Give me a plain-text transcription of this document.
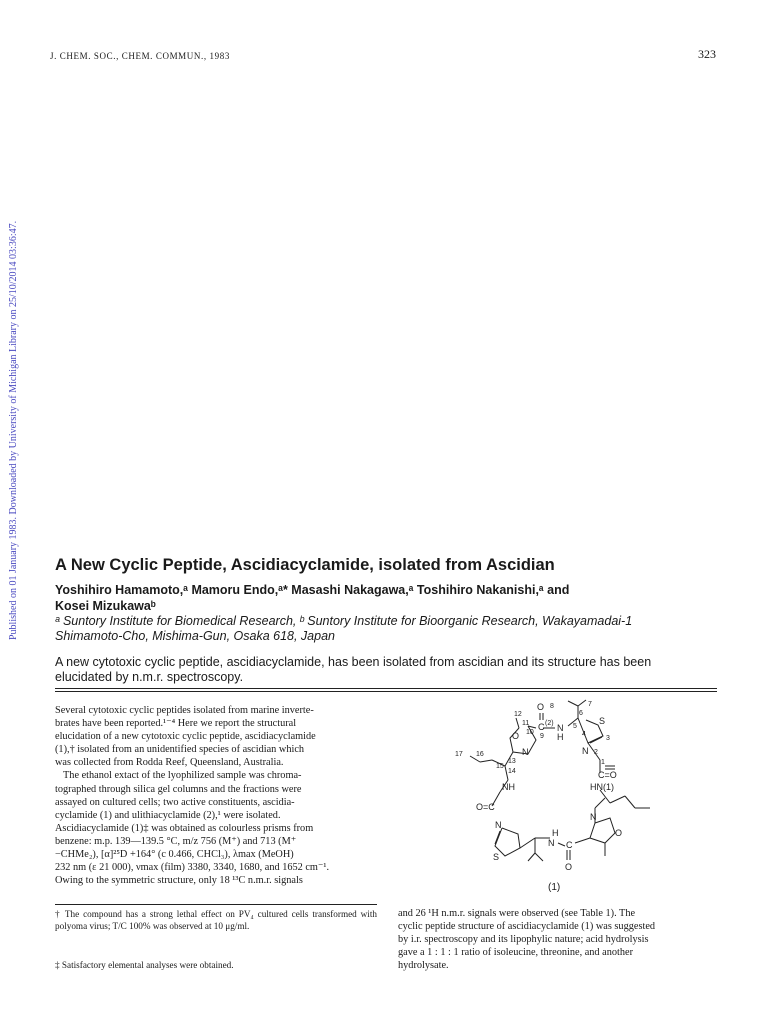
J. CHEM. SOC., CHEM. COMMUN., 1983	323
Published on 01 January 1983. Downloaded by University of Michigan Library on 25/10/2014 03:36:47. A New Cyclic Peptide, Ascidiacyclamide, isolated from Ascidian
Yoshihiro Hamamoto,ᵃ Mamoru Endo,ᵃ* Masashi Nakagawa,ᵃ Toshihiro Nakanishi,ᵃ and
Kosei Mizukawaᵇ
ᵃ Suntory Institute for Biomedical Research, ᵇ Suntory Institute for Bioorganic Research, Wakayamadai-1
Shimamoto-Cho, Mishima-Gun, Osaka 618, Japan
A new cytotoxic cyclic peptide, ascidiacyclamide, has been isolated from ascidian and its structure has been
elucidated by n.m.r. spectroscopy.

Several cytotoxic cyclic peptides isolated from marine inverte-

brates have been reported.¹⁻⁴ Here we report the structural

elucidation of a new cytotoxic cyclic peptide, ascidiacyclamide

(1),† isolated from an unidentified species of ascidian which

was collected from Rodda Reef, Queensland, Australia.

The ethanol extact of the lyophilized sample was chroma-

tographed through silica gel columns and the fractions were

assayed on cultured cells; two active constituents, ascidia-

cyclamide (1) and ulithiacyclamide (2),¹ were isolated.

Ascidiacyclamide (1)‡ was obtained as colourless prisms from

benzene: m.p. 139—139.5 °C, m/z 756 (M⁺) and 713 (M⁺

−CHMe₂), [α]²⁵D +164° (c 0.466, CHCl₃), λmax (MeOH)

232 nm (ε 21 000), νmax (film) 3380, 3340, 1680, and 1652 cm⁻¹.

Owing to the symmetric structure, only 18 ¹³C n.m.r. signals

† The compound has a strong lethal effect on PV₄ cultured cells transformed with polyoma virus; T/C 100% was observed at 10 μg/ml.
‡ Satisfactory elemental analyses were obtained.
and 26 ¹H n.m.r. signals were observed (see Table 1). The
cyclic peptide structure of ascidiacyclamide (1) was suggested
by i.r. spectroscopy and its lipophylic nature; acid hydrolysis
gave a 1 : 1 : 1 ratio of isoleucine, threonine, and another
hydrolysate.
O 8	7
6
12
11
10
C
9
(2) N
H
5
4
S
3
N 2
1
C=O
O
N
13
14
15
16
17
NH	HN(1)
O=C
N
S
H
N C
O
N
O
(1)
